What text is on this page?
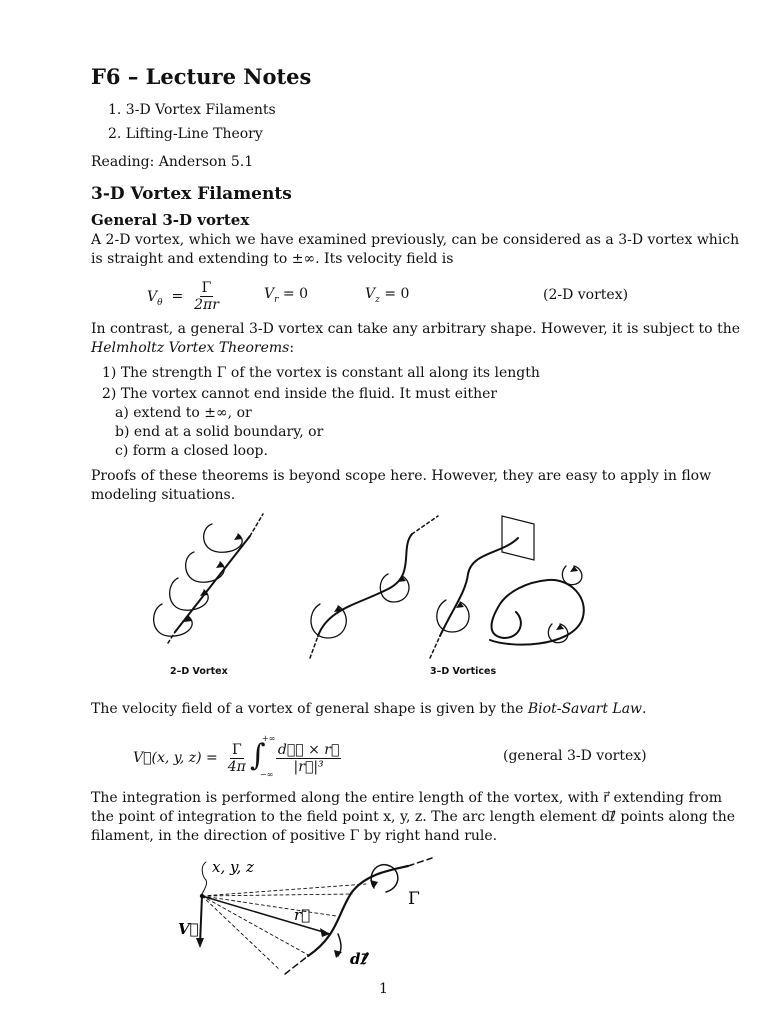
F6 – Lecture Notes
1. 3-D Vortex Filaments
2. Lifting-Line Theory
Reading: Anderson 5.1
3-D Vortex Filaments
General 3-D vortex
A 2-D vortex, which we have examined previously, can be considered as a 3-D vortex which
is straight and extending to ±∞. Its velocity field is
$V_\theta = \frac{\Gamma}{2\pi r}$	$V_r = 0$	$V_z = 0$	(2-D vortex)
In contrast, a general 3-D vortex can take any arbitrary shape. However, it is subject to the
Helmholtz Vortex Theorems:
1) The strength Γ of the vortex is constant all along its length
2) The vortex cannot end inside the fluid. It must either
a) extend to ±∞, or
b) end at a solid boundary, or
c) form a closed loop.
Proofs of these theorems is beyond scope here. However, they are easy to apply in flow
modeling situations.
2–D Vortex	3–D Vortices
The velocity field of a vortex of general shape is given by the Biot-Savart Law.
V⃗(x, y, $z) = \frac{\Gamma}{4\pi}$ ∫
+∞
−∞ $\frac{\text{dℓ⃗ × r⃗}}{\text{|r⃗|³}}$	(general 3-D vortex)
The integration is performed along the entire length of the vortex, with r⃗ extending from
the point of integration to the field point x, y, z. The arc length element dℓ⃗ points along the
filament, in the direction of positive Γ by right hand rule.
x, y, z
Γ
V⃗
r⃗
dℓ⃗
1
